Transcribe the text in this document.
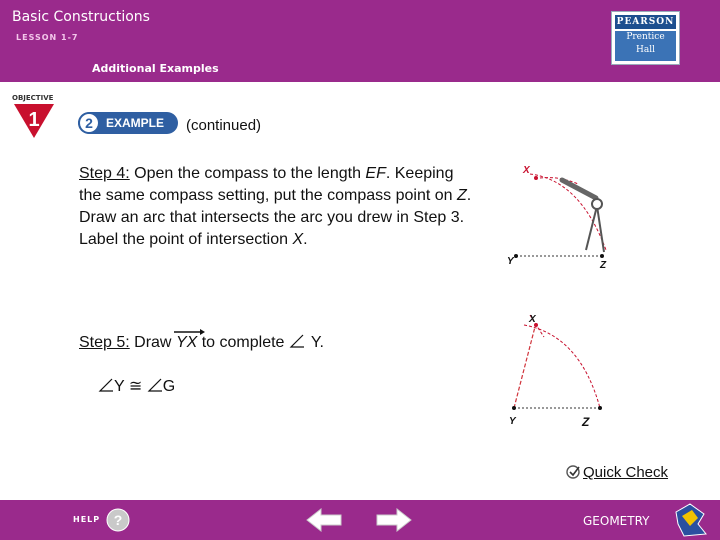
Basic Constructions
LESSON 1-7
Additional Examples
PEARSON
Prentice
Hall
OBJECTIVE
1	2	EXAMPLE (continued)
Step 4: Open the compass to the length EF. Keeping the same compass setting, put the compass point on Z. Draw an arc that intersects the arc you drew in Step 3. Label the point of intersection X.
Step 5: Draw
YX to complete Y.
Y ≅ G
X
Y	Z
X
Y	Z
Quick Check
HELP ?	GEOMETRY
